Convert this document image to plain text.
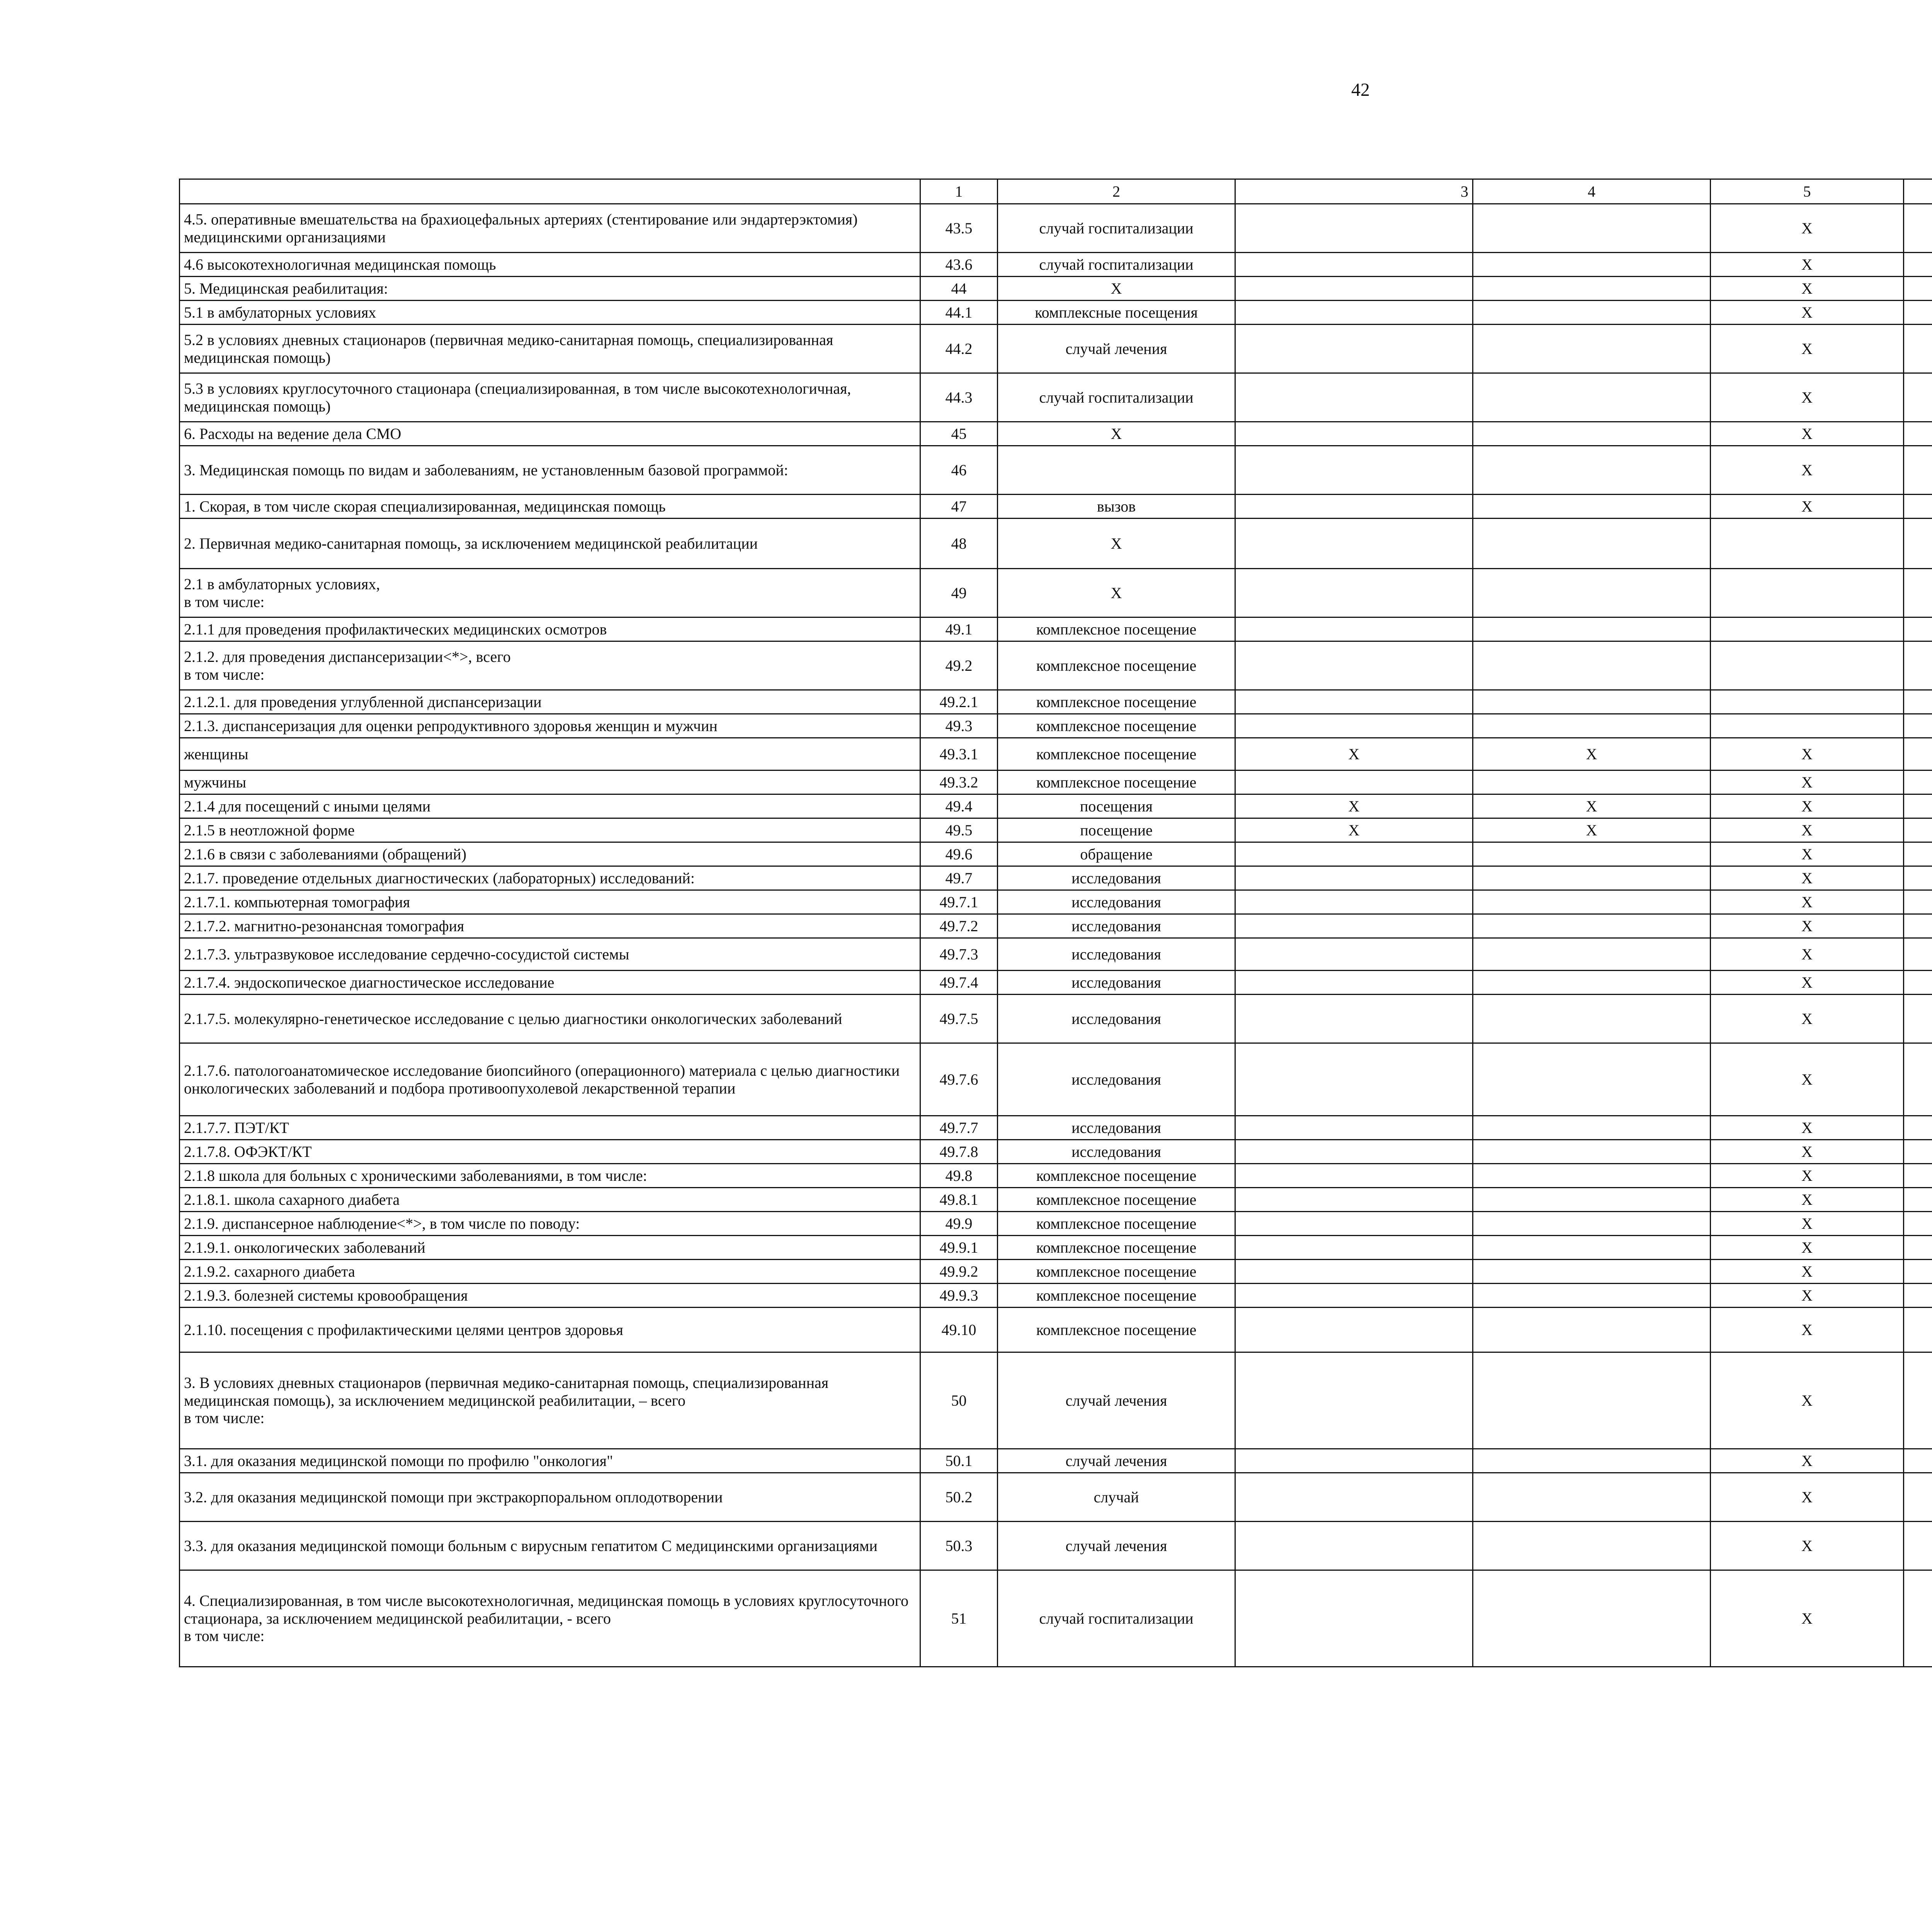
42
	1	2	3	4	5				
4.5. оперативные вмешательства на брахиоцефальных артериях (стентирование или эндартерэктомия) медицинскими организациями	43.5	случай госпитализации			X				
4.6 высокотехнологичная медицинская помощь	43.6	случай госпитализации			X				
5. Медицинская реабилитация:	44	X			X				
5.1 в амбулаторных условиях	44.1	комплексные посещения			X				
5.2 в условиях дневных стационаров (первичная медико-санитарная помощь, специализированная медицинская помощь)	44.2	случай лечения			X				
5.3 в условиях круглосуточного стационара (специализированная, в том числе высокотехнологичная, медицинская помощь)	44.3	случай госпитализации			X				
6. Расходы на ведение дела СМО	45	X			X				
3. Медицинская помощь по видам и заболеваниям, не установленным базовой программой:	46				X				
1. Скорая, в том числе скорая специализированная, медицинская помощь	47	вызов			X				
2. Первичная медико-санитарная помощь, за исключением медицинской реабилитации	48	X							
2.1 в амбулаторных условиях,
в том числе:	49	X							
2.1.1 для проведения профилактических медицинских осмотров	49.1	комплексное посещение							
2.1.2. для проведения диспансеризации<*>, всего
в том числе:	49.2	комплексное посещение							
2.1.2.1. для проведения углубленной диспансеризации	49.2.1	комплексное посещение							
2.1.3. диспансеризация для оценки репродуктивного здоровья женщин и мужчин	49.3	комплексное посещение							
женщины	49.3.1	комплексное посещение	X	X	X				
мужчины	49.3.2	комплексное посещение			X				
2.1.4 для посещений с иными целями	49.4	посещения	X	X	X				
2.1.5 в неотложной форме	49.5	посещение	X	X	X				
2.1.6 в связи с заболеваниями (обращений)	49.6	обращение			X				
2.1.7. проведение отдельных диагностических (лабораторных) исследований:	49.7	исследования			X				
2.1.7.1. компьютерная томография	49.7.1	исследования			X				
2.1.7.2. магнитно-резонансная томография	49.7.2	исследования			X				
2.1.7.3. ультразвуковое исследование сердечно-сосудистой системы	49.7.3	исследования			X				
2.1.7.4. эндоскопическое диагностическое исследование	49.7.4	исследования			X				
2.1.7.5. молекулярно-генетическое исследование с целью диагностики онкологических заболеваний	49.7.5	исследования			X				
2.1.7.6. патологоанатомическое исследование биопсийного (операционного) материала с целью диагностики онкологических заболеваний и подбора противоопухолевой лекарственной терапии	49.7.6	исследования			X				
2.1.7.7. ПЭТ/КТ	49.7.7	исследования			X				
2.1.7.8. ОФЭКТ/КТ	49.7.8	исследования			X				
2.1.8 школа для больных с хроническими заболеваниями, в том числе:	49.8	комплексное посещение			X				
2.1.8.1. школа сахарного диабета	49.8.1	комплексное посещение			X				
2.1.9. диспансерное наблюдение<*>, в том числе по поводу:	49.9	комплексное посещение			X				
2.1.9.1. онкологических заболеваний	49.9.1	комплексное посещение			X				
2.1.9.2. сахарного диабета	49.9.2	комплексное посещение			X				
2.1.9.3. болезней системы кровообращения	49.9.3	комплексное посещение			X				
2.1.10. посещения с профилактическими целями центров здоровья	49.10	комплексное посещение			X				
3. В условиях дневных стационаров (первичная медико-санитарная помощь, специализированная медицинская помощь), за исключением медицинской реабилитации, – всего
в том числе:	50	случай лечения			X				
3.1. для оказания медицинской помощи по профилю "онкология"	50.1	случай лечения			X				
3.2. для оказания медицинской помощи при экстракорпоральном оплодотворении	50.2	случай			X				
3.3. для оказания медицинской помощи больным с вирусным гепатитом С медицинскими организациями	50.3	случай лечения			X				
4. Специализированная, в том числе высокотехнологичная, медицинская помощь в условиях круглосуточного стационара, за исключением медицинской реабилитации, - всего
в том числе:	51	случай госпитализации			X				
